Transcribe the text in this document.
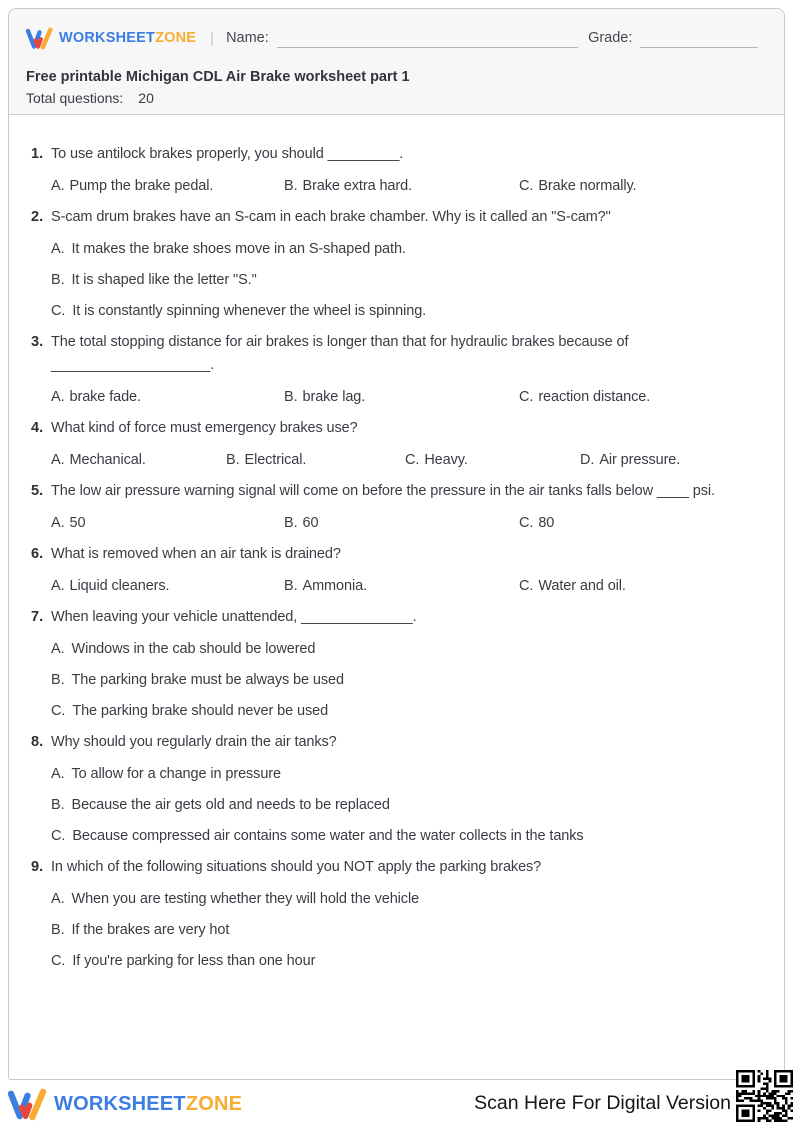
WORKSHEETZONE | Name:	Grade:
Free printable Michigan CDL Air Brake worksheet part 1
Total questions: 20
1. To use antilock brakes properly, you should _________.
A. Pump the brake pedal.	B. Brake extra hard.	C. Brake normally.
2. S-cam drum brakes have an S-cam in each brake chamber. Why is it called an "S-cam?"
A. It makes the brake shoes move in an S-shaped path.
B. It is shaped like the letter "S."
C. It is constantly spinning whenever the wheel is spinning.
3. The total stopping distance for air brakes is longer than that for hydraulic brakes because of ____________________.
A. brake fade.	B. brake lag.	C. reaction distance.
4. What kind of force must emergency brakes use?
A. Mechanical.	B. Electrical.	C. Heavy.	D. Air pressure.
5. The low air pressure warning signal will come on before the pressure in the air tanks falls below ____ psi.
A. 50	B. 60	C. 80
6. What is removed when an air tank is drained?
A. Liquid cleaners.	B. Ammonia.	C. Water and oil.
7. When leaving your vehicle unattended, ______________.
A. Windows in the cab should be lowered
B. The parking brake must be always be used
C. The parking brake should never be used
8. Why should you regularly drain the air tanks?
A. To allow for a change in pressure
B. Because the air gets old and needs to be replaced
C. Because compressed air contains some water and the water collects in the tanks
9. In which of the following situations should you NOT apply the parking brakes?
A. When you are testing whether they will hold the vehicle
B. If the brakes are very hot
C. If you're parking for less than one hour
WORKSHEETZONE	Scan Here For Digital Version
